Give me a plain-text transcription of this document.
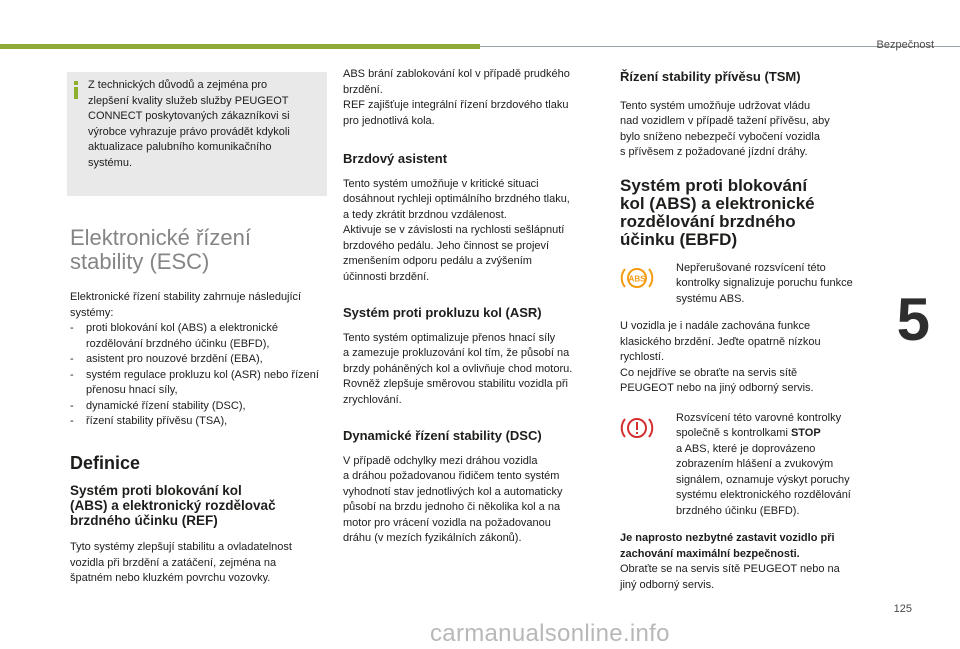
Bezpečnost
5
125
carmanualsonline.info

Z technických důvodů a zejména pro
zlepšení kvality služeb služby PEUGEOT
CONNECT poskytovaných zákazníkovi si
výrobce vyhrazuje právo provádět kdykoli
aktualizace palubního komunikačního
systému.

Elektronické řízení
stability (ESC)

Elektronické řízení stability zahrnuje následující
systémy:

- proti blokování kol (ABS) a elektronické rozdělování brzdného účinku (EBFD),
- asistent pro nouzové brzdění (EBA),
- systém regulace prokluzu kol (ASR) nebo řízení přenosu hnací síly,
- dynamické řízení stability (DSC),
- řízení stability přívěsu (TSA),
Definice
Systém proti blokování kol
(ABS) a elektronický rozdělovač
brzdného účinku (REF)

Tyto systémy zlepšují stabilitu a ovladatelnost
vozidla při brzdění a zatáčení, zejména na
špatném nebo kluzkém povrchu vozovky.

ABS brání zablokování kol v případě prudkého
brzdění.
REF zajišťuje integrální řízení brzdového tlaku
pro jednotlivá kola.

Brzdový asistent

Tento systém umožňuje v kritické situaci
dosáhnout rychleji optimálního brzdného tlaku,
a tedy zkrátit brzdnou vzdálenost.
Aktivuje se v závislosti na rychlosti sešlápnutí
brzdového pedálu. Jeho činnost se projeví
zmenšením odporu pedálu a zvýšením
účinnosti brzdění.

Systém proti prokluzu kol (ASR)

Tento systém optimalizuje přenos hnací síly
a zamezuje prokluzování kol tím, že působí na
brzdy poháněných kol a ovlivňuje chod motoru.
Rovněž zlepšuje směrovou stabilitu vozidla při
zrychlování.

Dynamické řízení stability (DSC)

V případě odchylky mezi dráhou vozidla
a dráhou požadovanou řidičem tento systém
vyhodnotí stav jednotlivých kol a automaticky
působí na brzdu jednoho či několika kol a na
motor pro vrácení vozidla na požadovanou
dráhu (v mezích fyzikálních zákonů).

Řízení stability přívěsu (TSM)

Tento systém umožňuje udržovat vládu
nad vozidlem v případě tažení přívěsu, aby
bylo sníženo nebezpečí vybočení vozidla
s přívěsem z požadované jízdní dráhy.

Systém proti blokování
kol (ABS) a elektronické
rozdělování brzdného
účinku (EBFD)
ABS

Nepřerušované rozsvícení této
kontrolky signalizuje poruchu funkce
systému ABS.

U vozidla je i nadále zachována funkce
klasického brzdění. Jeďte opatrně nízkou
rychlostí.
Co nejdříve se obraťte na servis sítě
PEUGEOT nebo na jiný odborný servis.

Rozsvícení této varovné kontrolky
společně s kontrolkami STOP
a ABS, které je doprovázeno
zobrazením hlášení a zvukovým
signálem, oznamuje výskyt poruchy
systému elektronického rozdělování
brzdného účinku (EBFD).

Je naprosto nezbytné zastavit vozidlo při
zachování maximální bezpečnosti.

Obraťte se na servis sítě PEUGEOT nebo na
jiný odborný servis.
